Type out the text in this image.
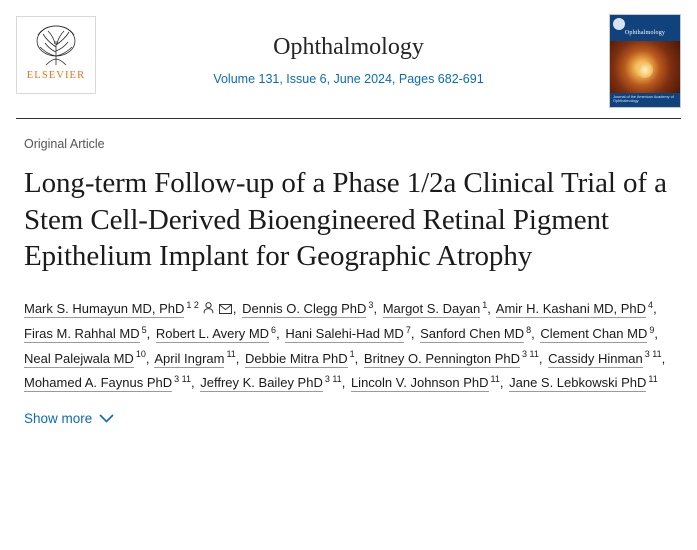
ELSEVIER
Ophthalmology

Volume 131, Issue 6, June 2024, Pages 682-691

Ophthalmology
Journal of the American Academy of Ophthalmology

Original Article

Long-term Follow-up of a Phase 1/2a Clinical Trial of a Stem Cell-Derived Bioengineered Retinal Pigment Epithelium Implant for Geographic Atrophy
Mark S. Humayun MD, PhD $^{1 2}$	, Dennis O. Clegg PhD $^3$, Margot S. Dayan $^1$, Amir H. Kashani MD, PhD $^4$, Firas M. Rahhal MD $^5$, Robert L. Avery MD $^6$, Hani Salehi-Had MD $^7$, Sanford Chen MD $^8$, Clement Chan MD $^9$, Neal Palejwala MD $^{10}$, April Ingram $^{11}$, Debbie Mitra PhD $^1$, Britney O. Pennington PhD $^{3 11}$, Cassidy Hinman $^{3 11}$, Mohamed A. Faynus PhD $^{3 11}$, Jeffrey K. Bailey PhD $^{3 11}$, Lincoln V. Johnson PhD $^{11}$, Jane S. Lebkowski PhD $^{11}$
Show more
